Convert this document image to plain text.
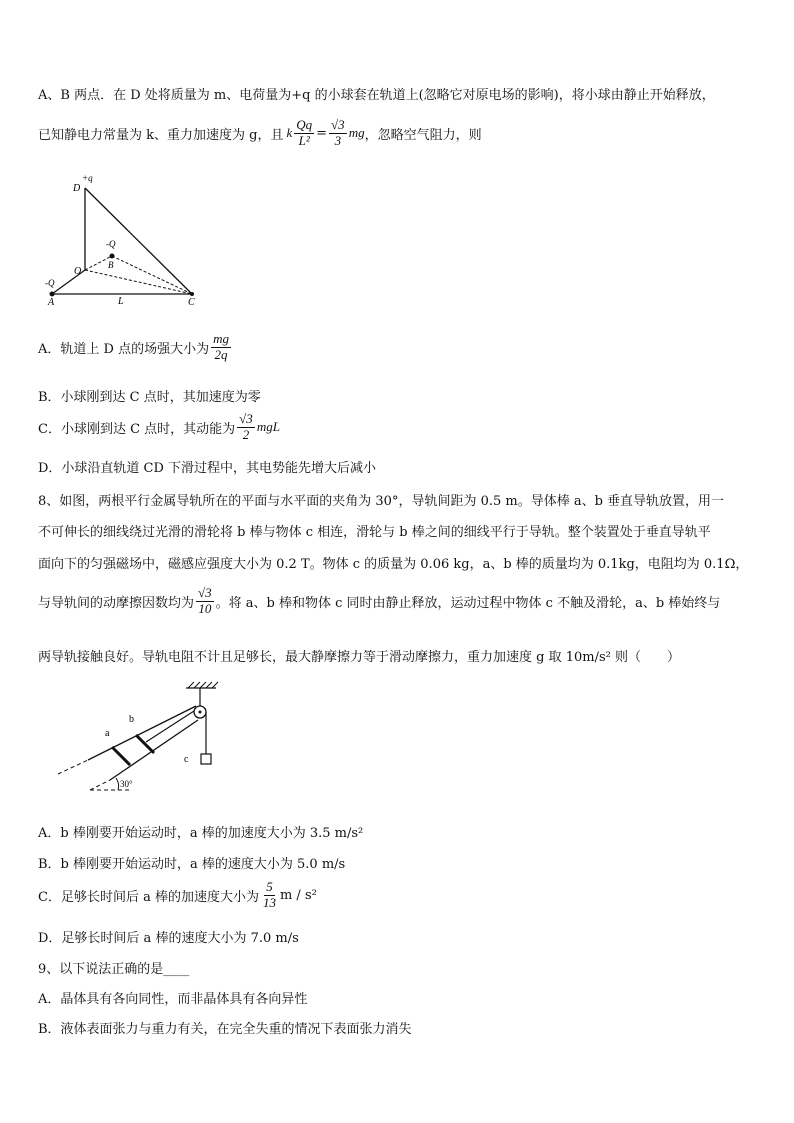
A、B 两点．在 D 处将质量为 m、电荷量为+q 的小球套在轨道上(忽略它对原电场的影响)，将小球由静止开始释放，
已知静电力常量为 k、重力加速度为 g，且 k $\frac{Qq}{\text{L²}} = \frac{√3}{3}$ mg ，忽略空气阻力，则
+q
D
-Q
B
O
-Q
A	L	C
A．轨道上 D 点的场强大小为 $\frac{mg}{2q}$
B．小球刚到达 C 点时，其加速度为零
C．小球刚到达 C 点时，其动能为 $\frac{√3}{2}$ mgL
D．小球沿直轨道 CD 下滑过程中，其电势能先增大后减小
8、如图，两根平行金属导轨所在的平面与水平面的夹角为 30°，导轨间距为 0.5 m。导体棒 a、b 垂直导轨放置，用一
不可伸长的细线绕过光滑的滑轮将 b 棒与物体 c 相连，滑轮与 b 棒之间的细线平行于导轨。整个装置处于垂直导轨平
面向下的匀强磁场中，磁感应强度大小为 0.2 T。物体 c 的质量为 0.06 kg，a、b 棒的质量均为 0.1kg，电阻均为 0.1Ω，
与导轨间的动摩擦因数均为 $\frac{√3}{10}$ 。将 a、b 棒和物体 c 同时由静止释放，运动过程中物体 c 不触及滑轮，a、b 棒始终与
两导轨接触良好。导轨电阻不计且足够长，最大静摩擦力等于滑动摩擦力，重力加速度 g 取 10m/s² 则（　　）
c
b
a
30°
A．b 棒刚要开始运动时，a 棒的加速度大小为 3.5 m/s²
B．b 棒刚要开始运动时，a 棒的速度大小为 5.0 m/s
C．足够长时间后 a 棒的加速度大小为 $\frac{5}{13}$ m / s²
D．足够长时间后 a 棒的速度大小为 7.0 m/s
9、以下说法正确的是____
A．晶体具有各向同性，而非晶体具有各向异性
B．液体表面张力与重力有关，在完全失重的情况下表面张力消失
